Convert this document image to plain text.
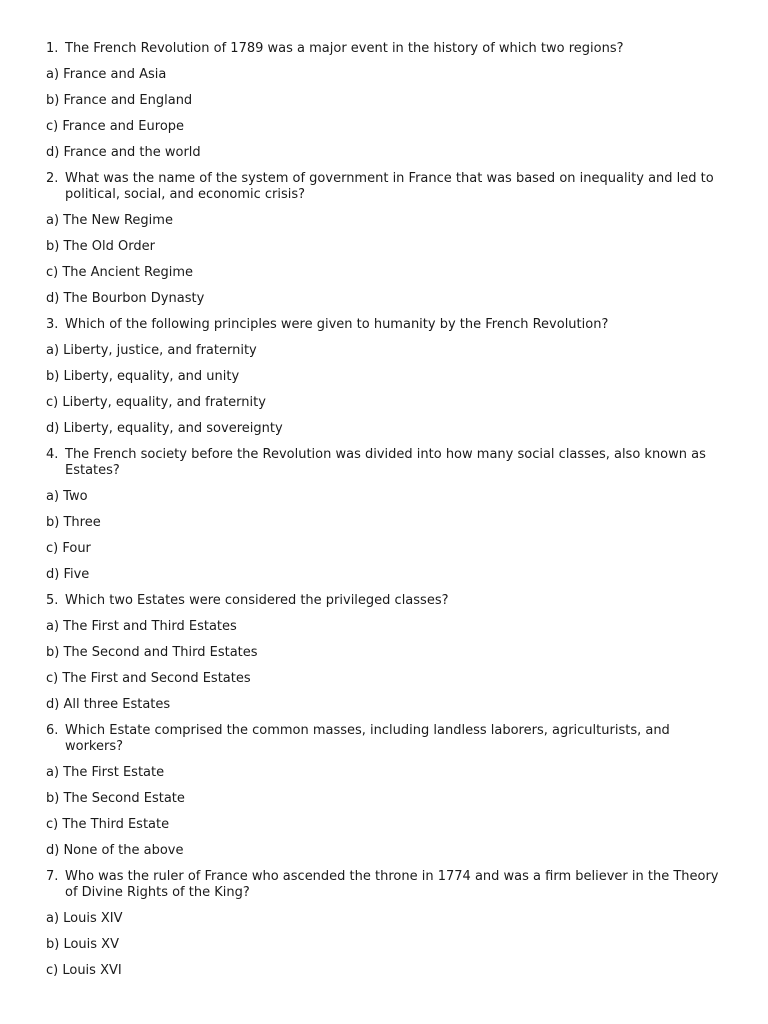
1. The French Revolution of 1789 was a major event in the history of which two regions?
a) France and Asia
b) France and England
c) France and Europe
d) France and the world
2. What was the name of the system of government in France that was based on inequality and led to political, social, and economic crisis?
a) The New Regime
b) The Old Order
c) The Ancient Regime
d) The Bourbon Dynasty
3. Which of the following principles were given to humanity by the French Revolution?
a) Liberty, justice, and fraternity
b) Liberty, equality, and unity
c) Liberty, equality, and fraternity
d) Liberty, equality, and sovereignty
4. The French society before the Revolution was divided into how many social classes, also known as Estates?
a) Two
b) Three
c) Four
d) Five
5. Which two Estates were considered the privileged classes?
a) The First and Third Estates
b) The Second and Third Estates
c) The First and Second Estates
d) All three Estates
6. Which Estate comprised the common masses, including landless laborers, agriculturists, and workers?
a) The First Estate
b) The Second Estate
c) The Third Estate
d) None of the above
7. Who was the ruler of France who ascended the throne in 1774 and was a firm believer in the Theory of Divine Rights of the King?
a) Louis XIV
b) Louis XV
c) Louis XVI
